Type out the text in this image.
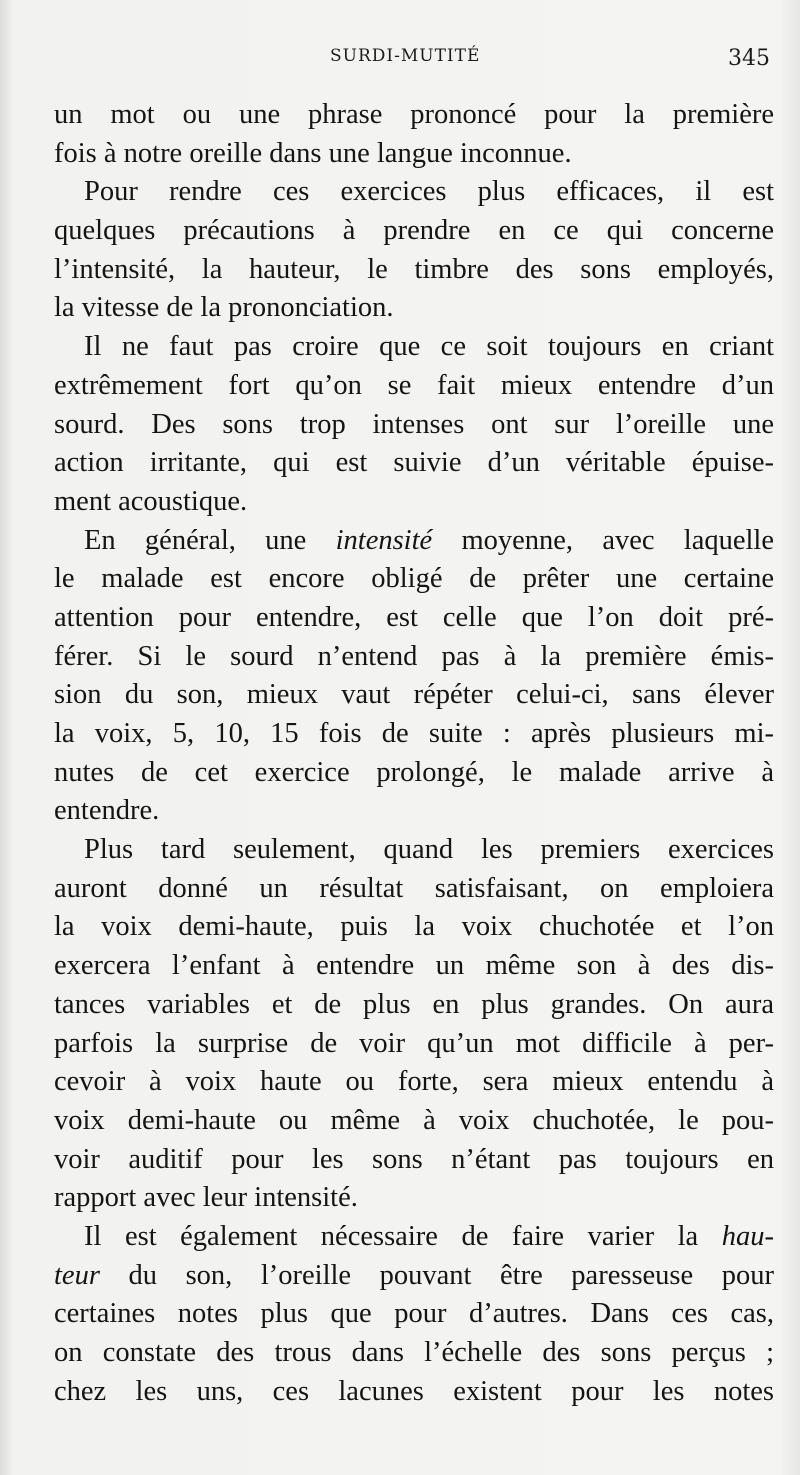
SURDI-MUTITÉ	345
un mot ou une phrase prononcé pour la première
fois à notre oreille dans une langue inconnue.
Pour rendre ces exercices plus efficaces, il est
quelques précautions à prendre en ce qui concerne
l’intensité, la hauteur, le timbre des sons employés,
la vitesse de la prononciation.
Il ne faut pas croire que ce soit toujours en criant
extrêmement fort qu’on se fait mieux entendre d’un
sourd. Des sons trop intenses ont sur l’oreille une
action irritante, qui est suivie d’un véritable épuise-
ment acoustique.
En général, une intensité moyenne, avec laquelle
le malade est encore obligé de prêter une certaine
attention pour entendre, est celle que l’on doit pré-
férer. Si le sourd n’entend pas à la première émis-
sion du son, mieux vaut répéter celui-ci, sans élever
la voix, 5, 10, 15 fois de suite : après plusieurs mi-
nutes de cet exercice prolongé, le malade arrive à
entendre.
Plus tard seulement, quand les premiers exercices
auront donné un résultat satisfaisant, on emploiera
la voix demi-haute, puis la voix chuchotée et l’on
exercera l’enfant à entendre un même son à des dis-
tances variables et de plus en plus grandes. On aura
parfois la surprise de voir qu’un mot difficile à per-
cevoir à voix haute ou forte, sera mieux entendu à
voix demi-haute ou même à voix chuchotée, le pou-
voir auditif pour les sons n’étant pas toujours en
rapport avec leur intensité.
Il est également nécessaire de faire varier la hau-
teur du son, l’oreille pouvant être paresseuse pour
certaines notes plus que pour d’autres. Dans ces cas,
on constate des trous dans l’échelle des sons perçus ;
chez les uns, ces lacunes existent pour les notes
